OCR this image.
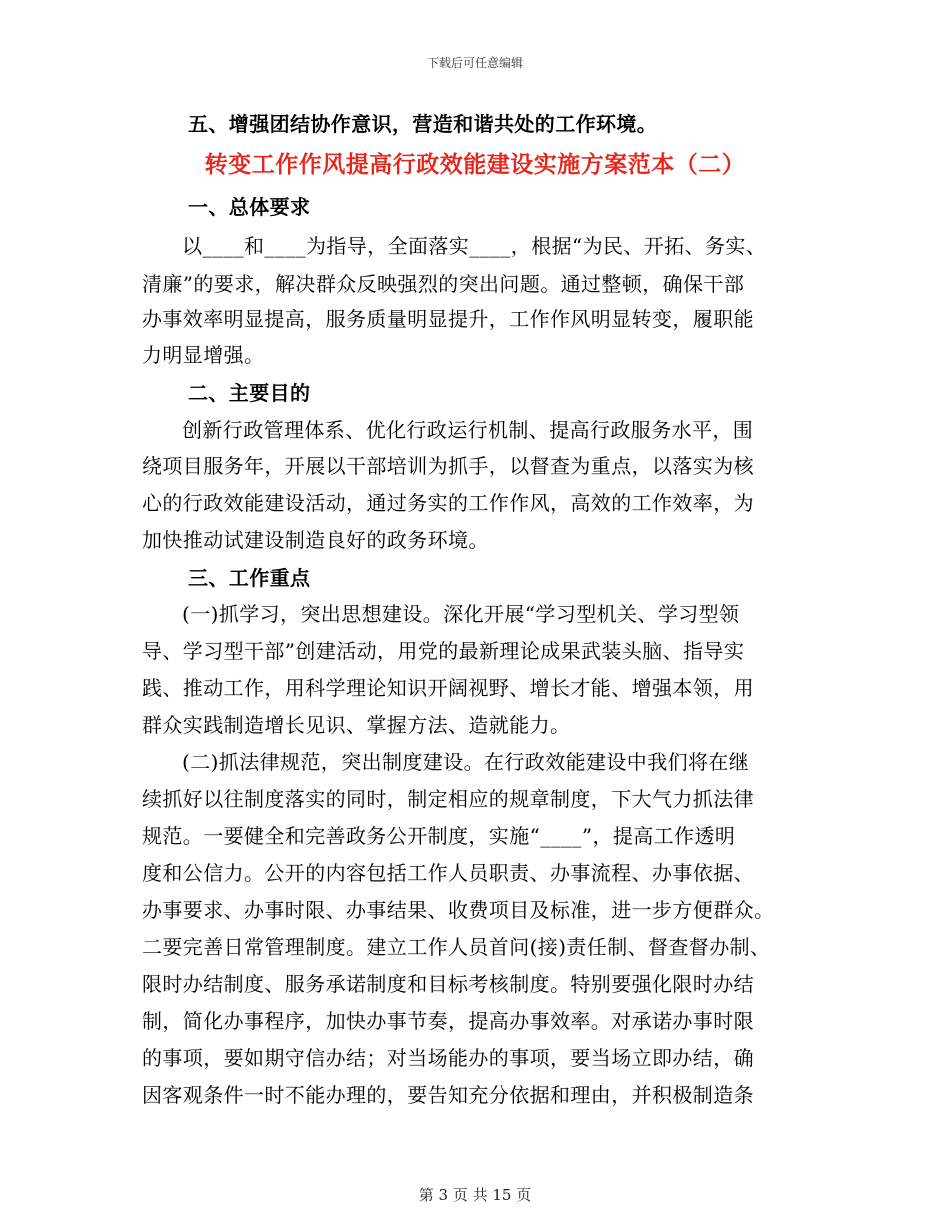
下载后可任意编辑
五、增强团结协作意识，营造和谐共处的工作环境。
转变工作作风提高行政效能建设实施方案范本（二）
一、总体要求
以____和____为指导，全面落实____，根据“为民、开拓、务实、
清廉”的要求，解决群众反映强烈的突出问题。通过整顿，确保干部
办事效率明显提高，服务质量明显提升，工作作风明显转变，履职能
力明显增强。
二、主要目的
创新行政管理体系、优化行政运行机制、提高行政服务水平，围
绕项目服务年，开展以干部培训为抓手，以督查为重点，以落实为核
心的行政效能建设活动，通过务实的工作作风，高效的工作效率，为
加快推动试建设制造良好的政务环境。
三、工作重点
(一)抓学习，突出思想建设。深化开展“学习型机关、学习型领
导、学习型干部”创建活动，用党的最新理论成果武装头脑、指导实
践、推动工作，用科学理论知识开阔视野、增长才能、增强本领，用
群众实践制造增长见识、掌握方法、造就能力。
(二)抓法律规范，突出制度建设。在行政效能建设中我们将在继
续抓好以往制度落实的同时，制定相应的规章制度，下大气力抓法律
规范。一要健全和完善政务公开制度，实施“____”，提高工作透明
度和公信力。公开的内容包括工作人员职责、办事流程、办事依据、
办事要求、办事时限、办事结果、收费项目及标准，进一步方便群众。
二要完善日常管理制度。建立工作人员首问(接)责任制、督查督办制、
限时办结制度、服务承诺制度和目标考核制度。特别要强化限时办结
制，简化办事程序，加快办事节奏，提高办事效率。对承诺办事时限
的事项，要如期守信办结；对当场能办的事项，要当场立即办结，确
因客观条件一时不能办理的，要告知充分依据和理由，并积极制造条
第 3 页 共 15 页
